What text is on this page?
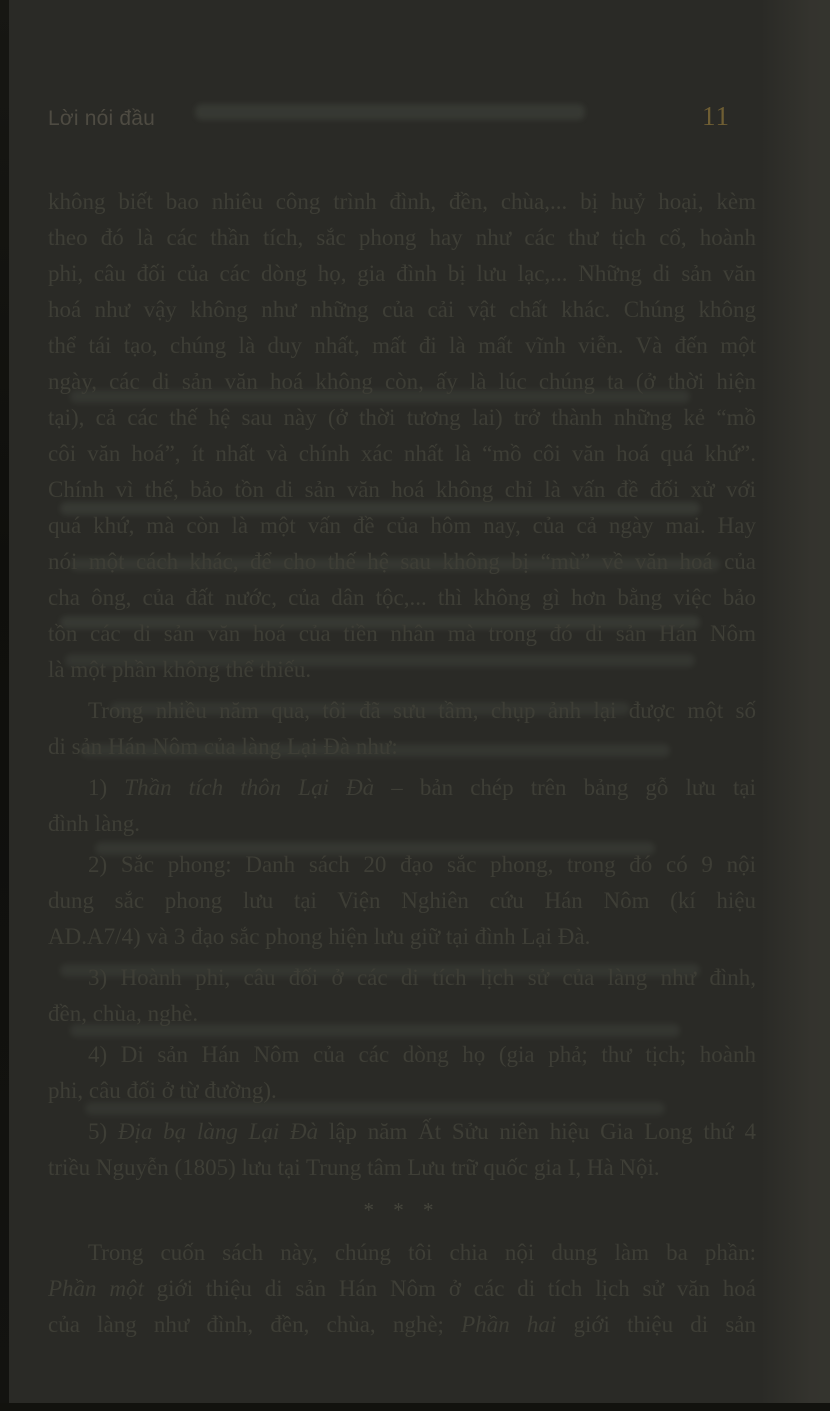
Lời nói đầu	11
không biết bao nhiêu công trình đình, đền, chùa,... bị huỷ hoại, kèm
theo đó là các thần tích, sắc phong hay như các thư tịch cổ, hoành
phi, câu đối của các dòng họ, gia đình bị lưu lạc,... Những di sản văn
hoá như vậy không như những của cải vật chất khác. Chúng không
thể tái tạo, chúng là duy nhất, mất đi là mất vĩnh viễn. Và đến một
ngày, các di sản văn hoá không còn, ấy là lúc chúng ta (ở thời hiện
tại), cả các thế hệ sau này (ở thời tương lai) trở thành những kẻ “mồ
côi văn hoá”, ít nhất và chính xác nhất là “mồ côi văn hoá quá khứ”.
Chính vì thế, bảo tồn di sản văn hoá không chỉ là vấn đề đối xử với
quá khứ, mà còn là một vấn đề của hôm nay, của cả ngày mai. Hay
nói một cách khác, để cho thế hệ sau không bị “mù” về văn hoá của
cha ông, của đất nước, của dân tộc,... thì không gì hơn bằng việc bảo
tồn các di sản văn hoá của tiền nhân mà trong đó di sản Hán Nôm
là một phần không thể thiếu.
Trong nhiều năm qua, tôi đã sưu tầm, chụp ảnh lại được một số
di sản Hán Nôm của làng Lại Đà như:
1) Thần tích thôn Lại Đà – bản chép trên bảng gỗ lưu tại
đình làng.
2) Sắc phong: Danh sách 20 đạo sắc phong, trong đó có 9 nội
dung sắc phong lưu tại Viện Nghiên cứu Hán Nôm (kí hiệu
AD.A7/4) và 3 đạo sắc phong hiện lưu giữ tại đình Lại Đà.
3) Hoành phi, câu đối ở các di tích lịch sử của làng như đình,
đền, chùa, nghè.
4) Di sản Hán Nôm của các dòng họ (gia phả; thư tịch; hoành
phi, câu đối ở từ đường).
5) Địa bạ làng Lại Đà lập năm Ất Sửu niên hiệu Gia Long thứ 4
triều Nguyễn (1805) lưu tại Trung tâm Lưu trữ quốc gia I, Hà Nội.
* * *
Trong cuốn sách này, chúng tôi chia nội dung làm ba phần:
Phần một giới thiệu di sản Hán Nôm ở các di tích lịch sử văn hoá
của làng như đình, đền, chùa, nghè; Phần hai giới thiệu di sản
